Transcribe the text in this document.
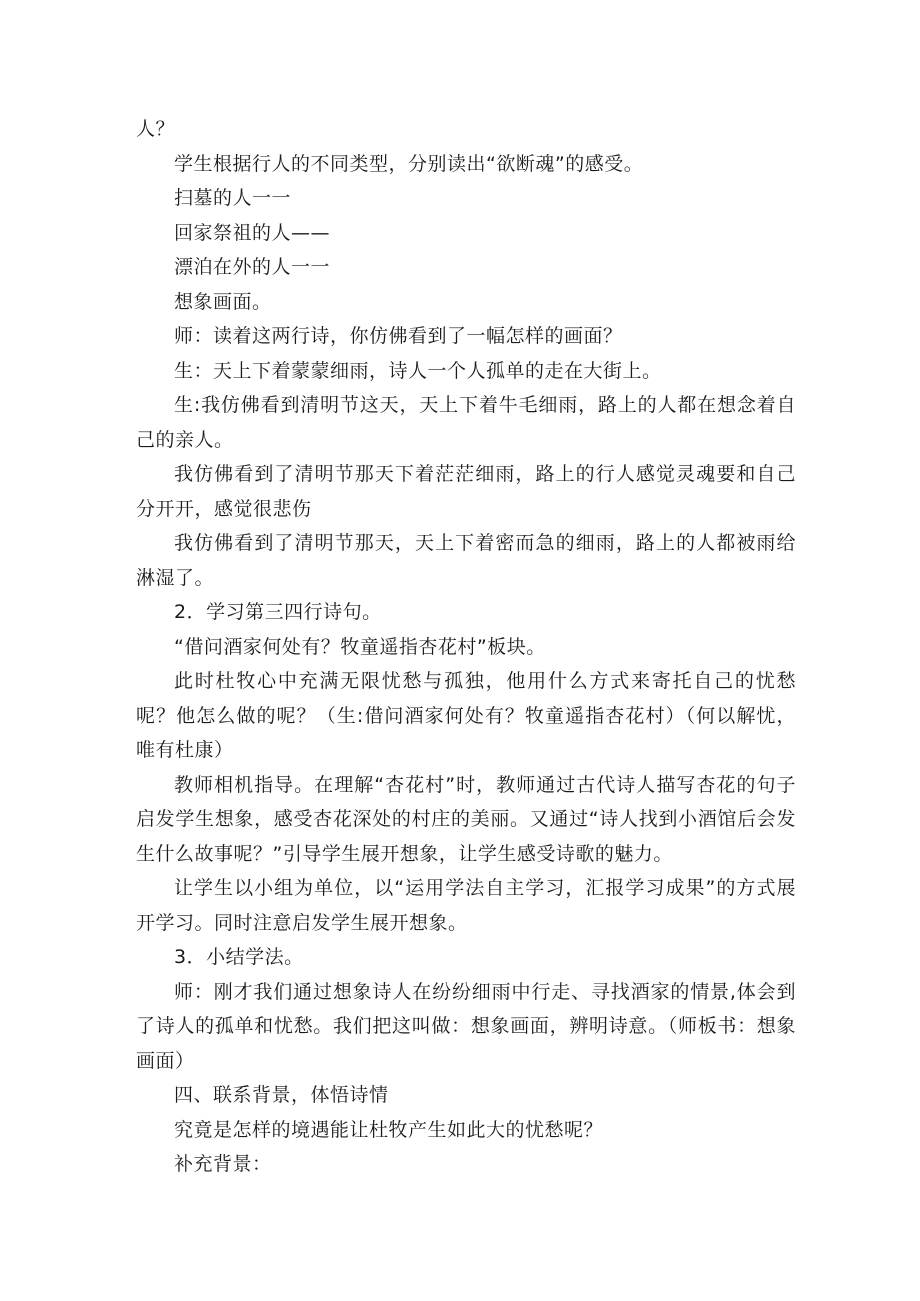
人？

学生根据行人的不同类型，分别读出“欲断魂”的感受。

扫墓的人一一

回家祭祖的人——

漂泊在外的人一一

想象画面。

师：读着这两行诗，你仿佛看到了一幅怎样的画面？

生：天上下着蒙蒙细雨，诗人一个人孤单的走在大街上。

生:我仿佛看到清明节这天，天上下着牛毛细雨，路上的人都在想念着自己的亲人。

我仿佛看到了清明节那天下着茫茫细雨，路上的行人感觉灵魂要和自己分开开，感觉很悲伤

我仿佛看到了清明节那天，天上下着密而急的细雨，路上的人都被雨给淋湿了。

2．学习第三四行诗句。

“借问酒家何处有？牧童遥指杏花村”板块。

此时杜牧心中充满无限忧愁与孤独，他用什么方式来寄托自己的忧愁呢？他怎么做的呢？（生:借问酒家何处有？牧童遥指杏花村）（何以解忧，唯有杜康）

教师相机指导。在理解“杏花村”时，教师通过古代诗人描写杏花的句子启发学生想象，感受杏花深处的村庄的美丽。又通过“诗人找到小酒馆后会发生什么故事呢？”引导学生展开想象，让学生感受诗歌的魅力。

让学生以小组为单位，以“运用学法自主学习，汇报学习成果”的方式展开学习。同时注意启发学生展开想象。

3．小结学法。

师：刚才我们通过想象诗人在纷纷细雨中行走、寻找酒家的情景,体会到了诗人的孤单和忧愁。我们把这叫做：想象画面，辨明诗意。（师板书：想象画面）

四、联系背景，体悟诗情

究竟是怎样的境遇能让杜牧产生如此大的忧愁呢？

补充背景：
